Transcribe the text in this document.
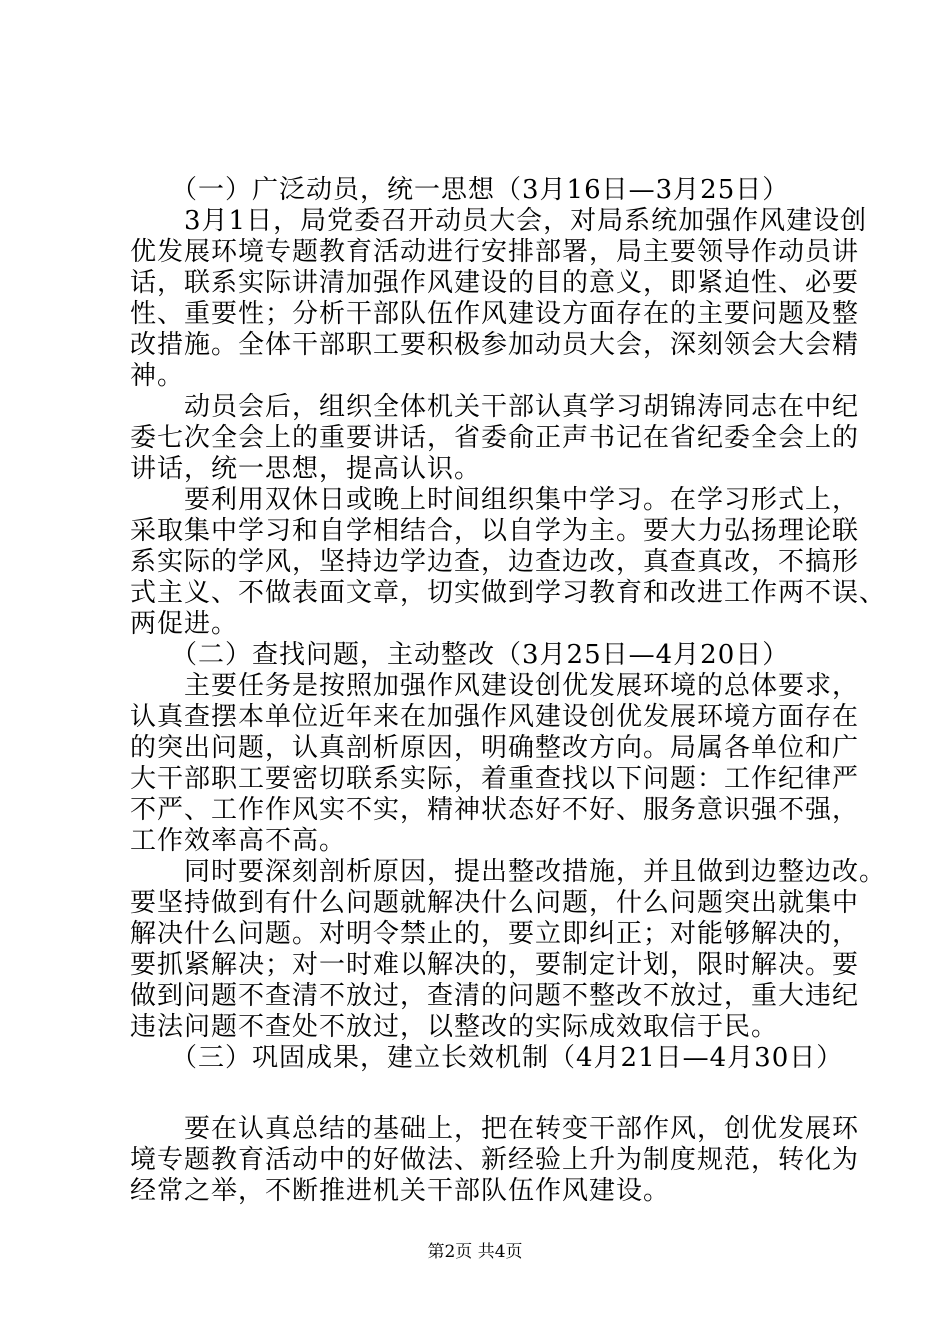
　　（一）广泛动员，统一思想（3月16日—3月25日）
　　3月1日，局党委召开动员大会，对局系统加强作风建设创
优发展环境专题教育活动进行安排部署，局主要领导作动员讲
话，联系实际讲清加强作风建设的目的意义，即紧迫性、必要
性、重要性；分析干部队伍作风建设方面存在的主要问题及整
改措施。全体干部职工要积极参加动员大会，深刻领会大会精
神。
　　动员会后，组织全体机关干部认真学习胡锦涛同志在中纪
委七次全会上的重要讲话，省委俞正声书记在省纪委全会上的
讲话，统一思想，提高认识。
　　要利用双休日或晚上时间组织集中学习。在学习形式上，
采取集中学习和自学相结合，以自学为主。要大力弘扬理论联
系实际的学风，坚持边学边查，边查边改，真查真改，不搞形
式主义、不做表面文章，切实做到学习教育和改进工作两不误、
两促进。
　　（二）查找问题，主动整改（3月25日—4月20日）
　　主要任务是按照加强作风建设创优发展环境的总体要求，
认真查摆本单位近年来在加强作风建设创优发展环境方面存在
的突出问题，认真剖析原因，明确整改方向。局属各单位和广
大干部职工要密切联系实际，着重查找以下问题：工作纪律严
不严、工作作风实不实，精神状态好不好、服务意识强不强，
工作效率高不高。
　　同时要深刻剖析原因，提出整改措施，并且做到边整边改。
要坚持做到有什么问题就解决什么问题，什么问题突出就集中
解决什么问题。对明令禁止的，要立即纠正；对能够解决的，
要抓紧解决；对一时难以解决的，要制定计划，限时解决。要
做到问题不查清不放过，查清的问题不整改不放过，重大违纪
违法问题不查处不放过，以整改的实际成效取信于民。
　　（三）巩固成果，建立长效机制（4月21日—4月30日）
　　要在认真总结的基础上，把在转变干部作风，创优发展环
境专题教育活动中的好做法、新经验上升为制度规范，转化为
经常之举，不断推进机关干部队伍作风建设。
第2页 共4页
